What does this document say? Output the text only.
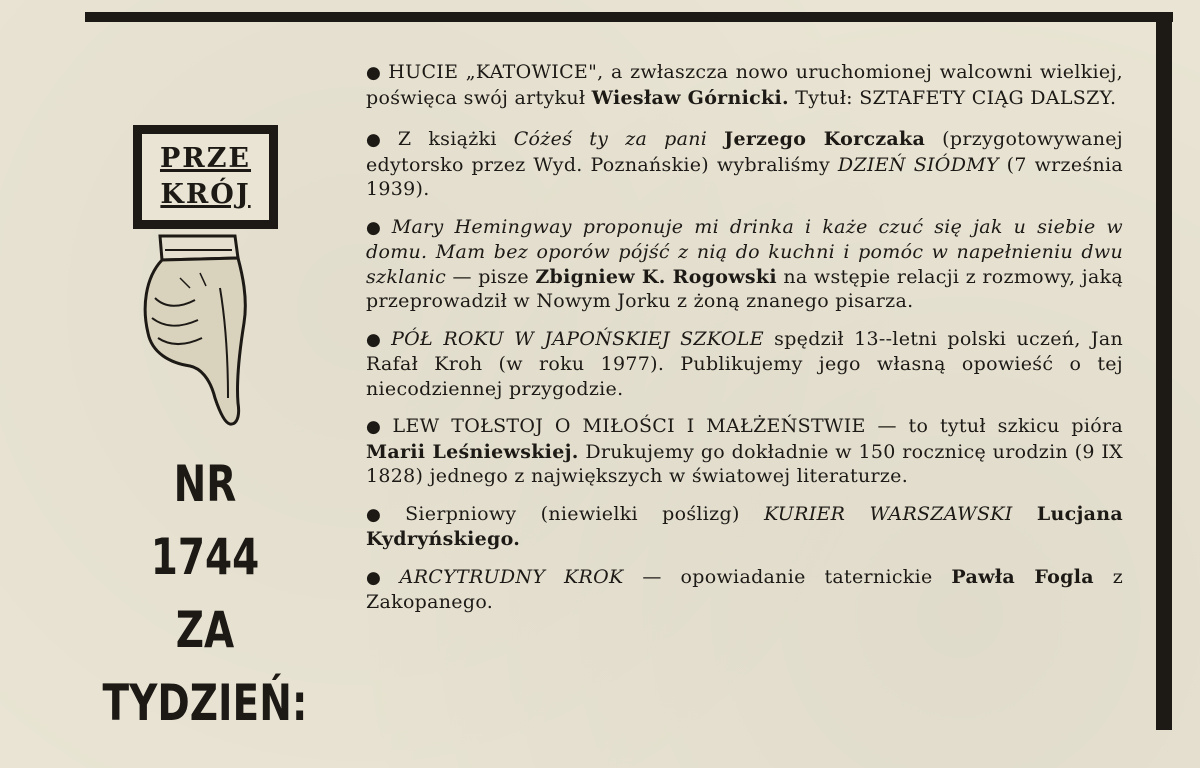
PRZE
KRÓJ
NR
1744
ZA
TYDZIEŃ:

● HUCIE „KATOWICE", a zwłaszcza nowo uruchomionej walcowni wielkiej, poświęca swój artykuł Wiesław Górnicki. Tytuł: SZTAFETY CIĄG DALSZY.

● Z książki Cóżeś ty za pani Jerzego Korczaka (przygotowywanej edytorsko przez Wyd. Poznańskie) wybraliśmy DZIEŃ SIÓDMY (7 września 1939).

● Mary Hemingway proponuje mi drinka i każe czuć się jak u siebie w domu. Mam bez oporów pójść z nią do kuchni i pomóc w napełnieniu dwu szklanic — pisze Zbigniew K. Rogowski na wstępie relacji z rozmowy, jaką przeprowadził w Nowym Jorku z żoną znanego pisarza.

● PÓŁ ROKU W JAPOŃSKIEJ SZKOLE spędził 13--letni polski uczeń, Jan Rafał Kroh (w roku 1977). Publikujemy jego własną opowieść o tej niecodziennej przygodzie.

● LEW TOŁSTOJ O MIŁOŚCI I MAŁŻEŃSTWIE — to tytuł szkicu pióra Marii Leśniewskiej. Drukujemy go dokładnie w 150 rocznicę urodzin (9 IX 1828) jednego z największych w światowej literaturze.

● Sierpniowy (niewielki poślizg) KURIER WARSZAWSKI Lucjana Kydryńskiego.

● ARCYTRUDNY KROK — opowiadanie taternickie Pawła Fogla z Zakopanego.
